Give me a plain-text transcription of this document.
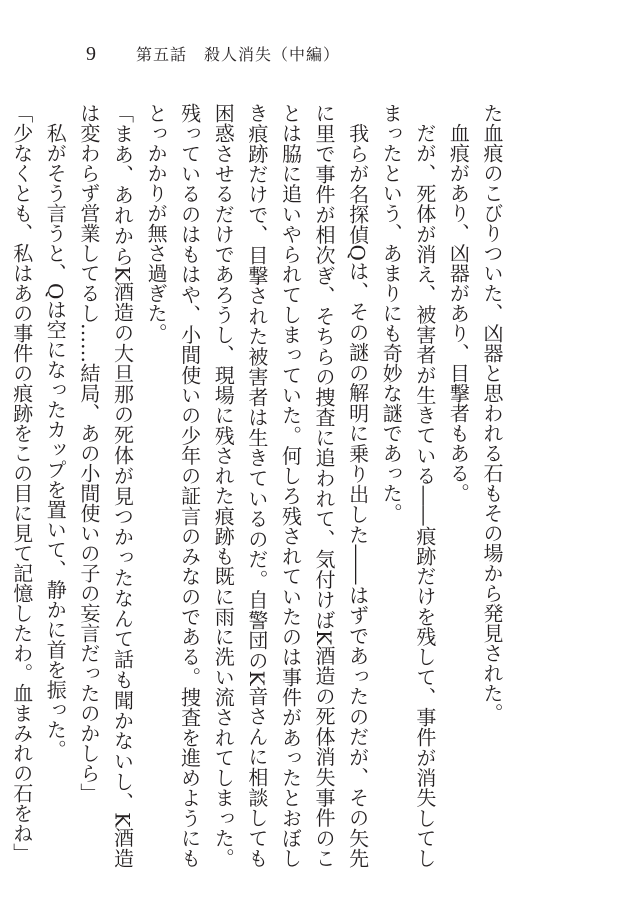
9	第五話　殺人消失（中編）

た血痕のこびりついた、凶器と思われる石もその場から発見された。

血痕があり、凶器があり、目撃者もある。

だが、死体が消え、被害者が生きている――痕跡だけを残して、事件が消失してしまったという、あまりにも奇妙な謎であった。

我らが名探偵Qは、その謎の解明に乗り出した――はずであったのだが、その矢先に里で事件が相次ぎ、そちらの捜査に追われて、気付けばK酒造の死体消失事件のことは脇に追いやられてしまっていた。何しろ残されていたのは事件があったとおぼしき痕跡だけで、目撃された被害者は生きているのだ。自警団のK音さんに相談しても困惑させるだけであろうし、現場に残された痕跡も既に雨に洗い流されてしまった。残っているのはもはや、小間使いの少年の証言のみなのである。捜査を進めようにもとっかかりが無さ過ぎた。

「まあ、あれからK酒造の大旦那の死体が見つかったなんて話も聞かないし、K酒造は変わらず営業してるし……結局、あの小間使いの子の妄言だったのかしら」

私がそう言うと、Qは空になったカップを置いて、静かに首を振った。

「少なくとも、私はあの事件の痕跡をこの目に見て記憶したわ。血まみれの石をね」
